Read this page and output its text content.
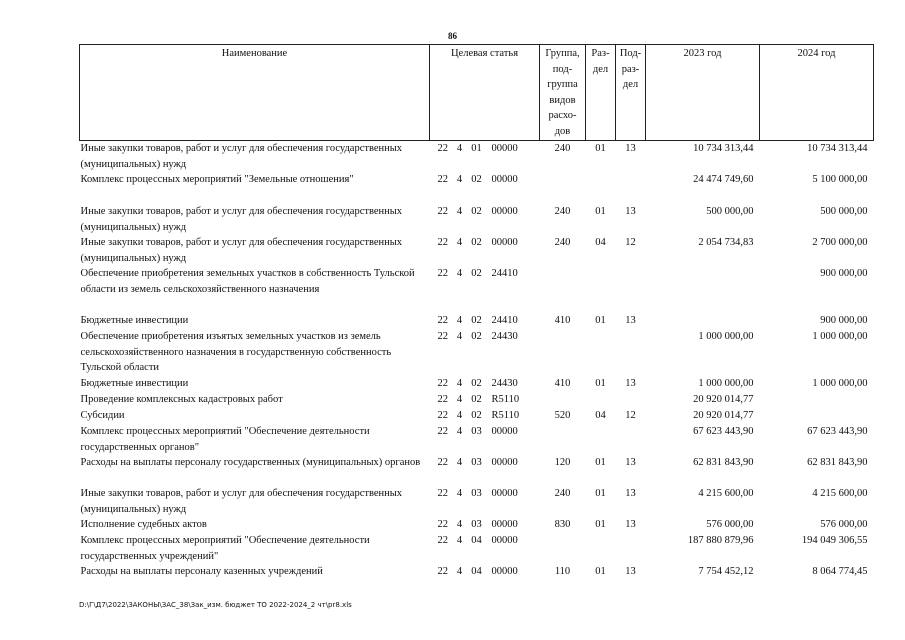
86
Наименование	Целевая статья	Группа, под- группа видов расхо- дов	Раз- дел	Под- раз- дел	2023 год	2024 год
Иные закупки товаров, работ и услуг для обеспечения государственных (муниципальных) нужд	22 4 01 00000	240	01	13	10 734 313,44	10 734 313,44
Комплекс процессных мероприятий "Земельные отношения"	22 4 02 00000				24 474 749,60	5 100 000,00
Иные закупки товаров, работ и услуг для обеспечения государственных (муниципальных) нужд	22 4 02 00000	240	01	13	500 000,00	500 000,00
Иные закупки товаров, работ и услуг для обеспечения государственных (муниципальных) нужд	22 4 02 00000	240	04	12	2 054 734,83	2 700 000,00
Обеспечение приобретения земельных участков в собственность Тульской области из земель сельскохозяйственного назначения	22 4 02 24410					900 000,00
Бюджетные инвестиции	22 4 02 24410	410	01	13		900 000,00
Обеспечение приобретения изъятых земельных участков из земель сельскохозяйственного назначения в государственную собственность Тульской области	22 4 02 24430				1 000 000,00	1 000 000,00
Бюджетные инвестиции	22 4 02 24430	410	01	13	1 000 000,00	1 000 000,00
Проведение комплексных кадастровых работ	22 4 02 R5110				20 920 014,77	
Субсидии	22 4 02 R5110	520	04	12	20 920 014,77	
Комплекс процессных мероприятий "Обеспечение деятельности государственных органов"	22 4 03 00000				67 623 443,90	67 623 443,90
Расходы на выплаты персоналу государственных (муниципальных) органов	22 4 03 00000	120	01	13	62 831 843,90	62 831 843,90
Иные закупки товаров, работ и услуг для обеспечения государственных (муниципальных) нужд	22 4 03 00000	240	01	13	4 215 600,00	4 215 600,00
Исполнение судебных актов	22 4 03 00000	830	01	13	576 000,00	576 000,00
Комплекс процессных мероприятий "Обеспечение деятельности государственных учреждений"	22 4 04 00000				187 880 879,96	194 049 306,55
Расходы на выплаты персоналу казенных учреждений	22 4 04 00000	110	01	13	7 754 452,12	8 064 774,45
D:\Г\Д7\2022\ЗАКОНЫ\ЗАС_38\Зак_изм. бюджет ТО 2022-2024_2 чт\pr8.xls
